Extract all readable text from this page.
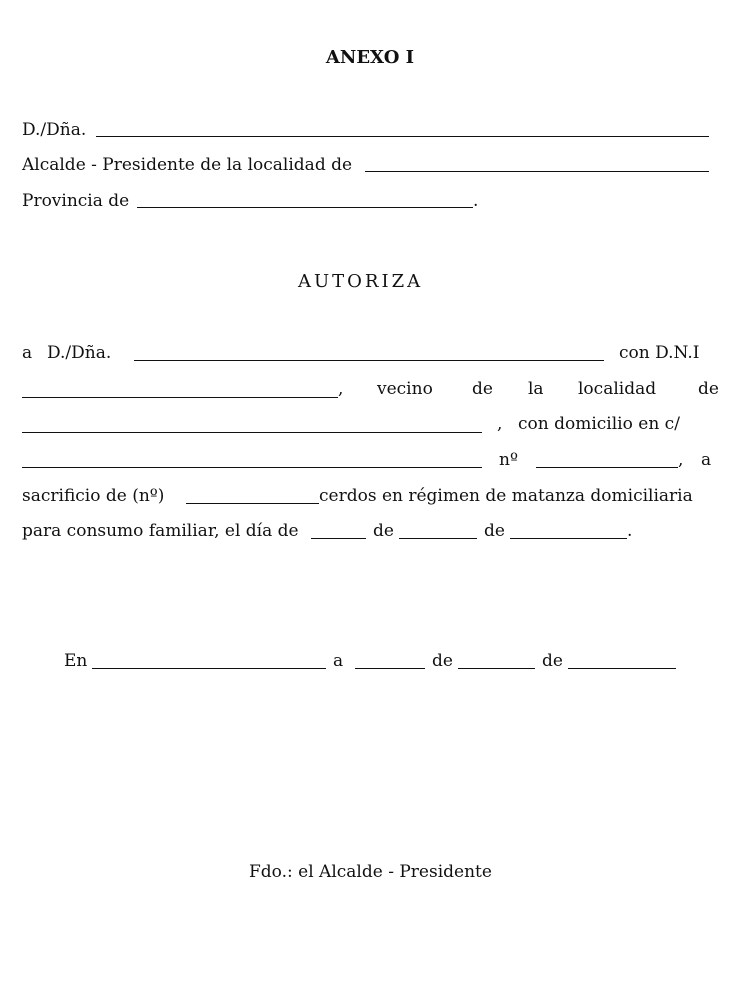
ANEXO I
D./Dña.
Alcalde - Presidente de la localidad de
Provincia de	.
AUTORIZA
a D./Dña.	con D.N.I
, vecino de la localidad de
, con domicilio en c/
nº	, a
sacrificio de (nº)	cerdos en régimen de matanza domiciliaria
para consumo familiar, el día de	de	de	.
En	a	de	de
Fdo.: el Alcalde - Presidente
